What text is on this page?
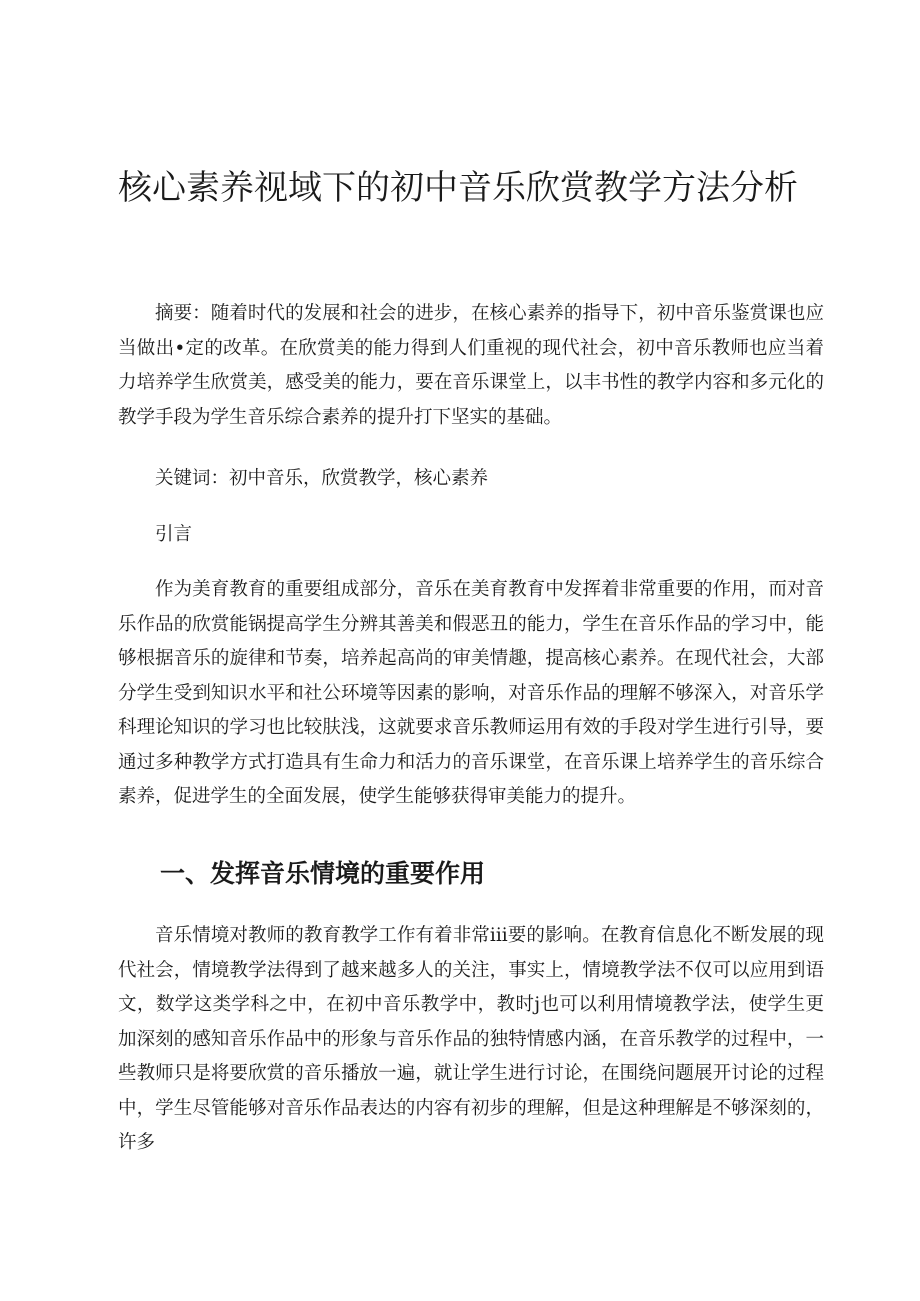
核心素养视域下的初中音乐欣赏教学方法分析

摘要：随着时代的发展和社会的进步，在核心素养的指导下，初中音乐鉴赏课也应当做出•定的改革。在欣赏美的能力得到人们重视的现代社会，初中音乐教师也应当着力培养学生欣赏美，感受美的能力，要在音乐课堂上，以丰书性的教学内容和多元化的教学手段为学生音乐综合素养的提升打下坚实的基础。

关键词：初中音乐，欣赏教学，核心素养

引言

作为美育教育的重要组成部分，音乐在美育教育中发挥着非常重要的作用，而对音乐作品的欣赏能锅提高学生分辨其善美和假恶丑的能力，学生在音乐作品的学习中，能够根据音乐的旋律和节奏，培养起高尚的审美情趣，提高核心素养。在现代社会，大部分学生受到知识水平和社公环境等因素的影响，对音乐作品的理解不够深入，对音乐学科理论知识的学习也比较肤浅，这就要求音乐教师运用有效的手段对学生进行引导，要通过多种教学方式打造具有生命力和活力的音乐课堂，在音乐课上培养学生的音乐综合素养，促进学生的全面发展，使学生能够获得审美能力的提升。

一、发挥音乐情境的重要作用

音乐情境对教师的教育教学工作有着非常iii要的影响。在教育信息化不断发展的现代社会，情境教学法得到了越来越多人的关注，事实上，情境教学法不仅可以应用到语文，数学这类学科之中，在初中音乐教学中，教时j也可以利用情境教学法，使学生更加深刻的感知音乐作品中的形象与音乐作品的独特情感内涵，在音乐教学的过程中，一些教师只是将要欣赏的音乐播放一遍，就让学生进行讨论，在围绕问题展开讨论的过程中，学生尽管能够对音乐作品表达的内容有初步的理解，但是这种理解是不够深刻的，许多
